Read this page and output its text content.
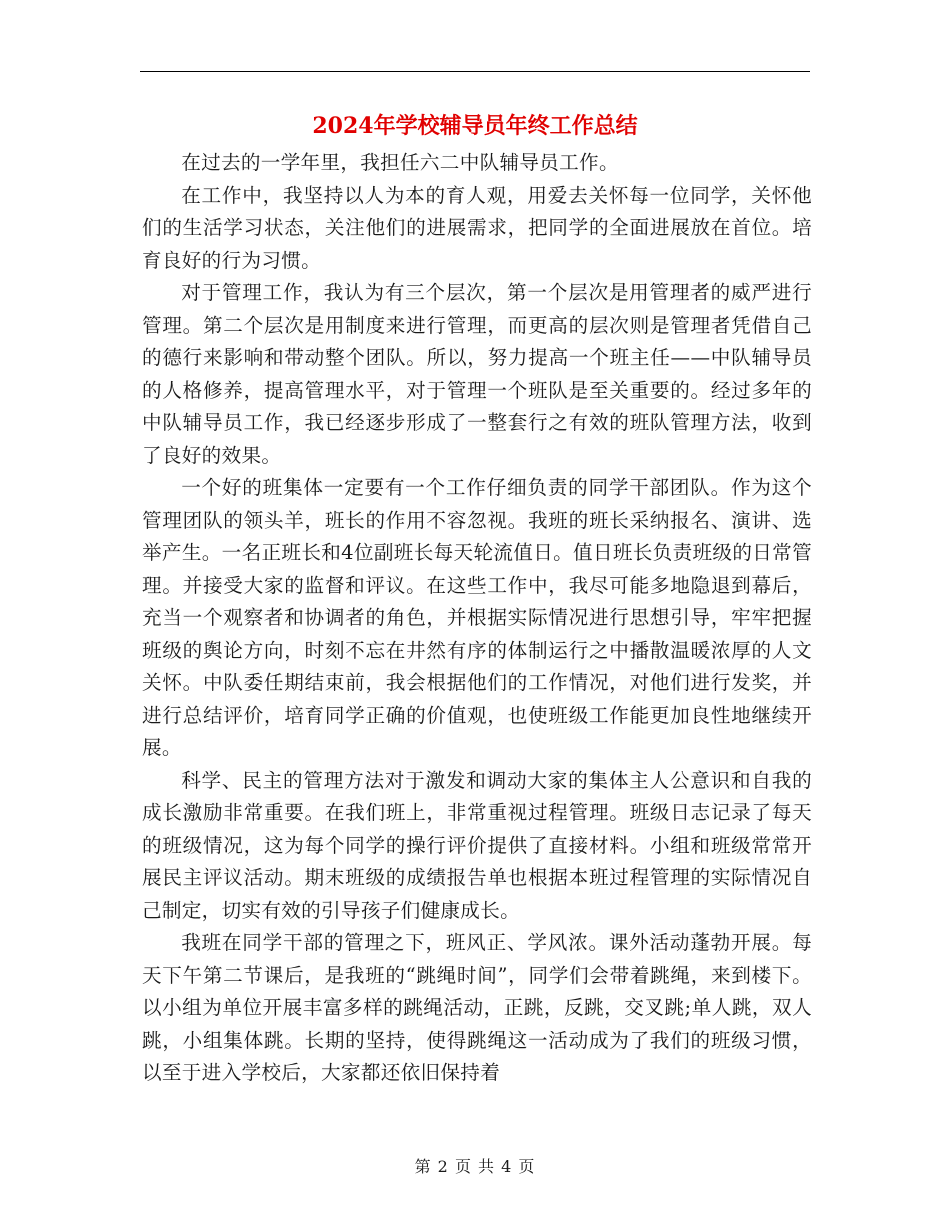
2024年学校辅导员年终工作总结

在过去的一学年里，我担任六二中队辅导员工作。

在工作中，我坚持以人为本的育人观，用爱去关怀每一位同学，关怀他们的生活学习状态，关注他们的进展需求，把同学的全面进展放在首位。培育良好的行为习惯。

对于管理工作，我认为有三个层次，第一个层次是用管理者的威严进行管理。第二个层次是用制度来进行管理，而更高的层次则是管理者凭借自己的德行来影响和带动整个团队。所以，努力提高一个班主任——中队辅导员的人格修养，提高管理水平，对于管理一个班队是至关重要的。经过多年的中队辅导员工作，我已经逐步形成了一整套行之有效的班队管理方法，收到了良好的效果。

一个好的班集体一定要有一个工作仔细负责的同学干部团队。作为这个管理团队的领头羊，班长的作用不容忽视。我班的班长采纳报名、演讲、选举产生。一名正班长和4位副班长每天轮流值日。值日班长负责班级的日常管理。并接受大家的监督和评议。在这些工作中，我尽可能多地隐退到幕后，充当一个观察者和协调者的角色，并根据实际情况进行思想引导，牢牢把握班级的舆论方向，时刻不忘在井然有序的体制运行之中播散温暖浓厚的人文关怀。中队委任期结束前，我会根据他们的工作情况，对他们进行发奖，并进行总结评价，培育同学正确的价值观，也使班级工作能更加良性地继续开展。

科学、民主的管理方法对于激发和调动大家的集体主人公意识和自我的成长激励非常重要。在我们班上，非常重视过程管理。班级日志记录了每天的班级情况，这为每个同学的操行评价提供了直接材料。小组和班级常常开展民主评议活动。期末班级的成绩报告单也根据本班过程管理的实际情况自己制定，切实有效的引导孩子们健康成长。

我班在同学干部的管理之下，班风正、学风浓。课外活动蓬勃开展。每天下午第二节课后，是我班的“跳绳时间”，同学们会带着跳绳，来到楼下。以小组为单位开展丰富多样的跳绳活动，正跳，反跳，交叉跳;单人跳，双人跳，小组集体跳。长期的坚持，使得跳绳这一活动成为了我们的班级习惯，以至于进入学校后，大家都还依旧保持着

第 2 页 共 4 页
